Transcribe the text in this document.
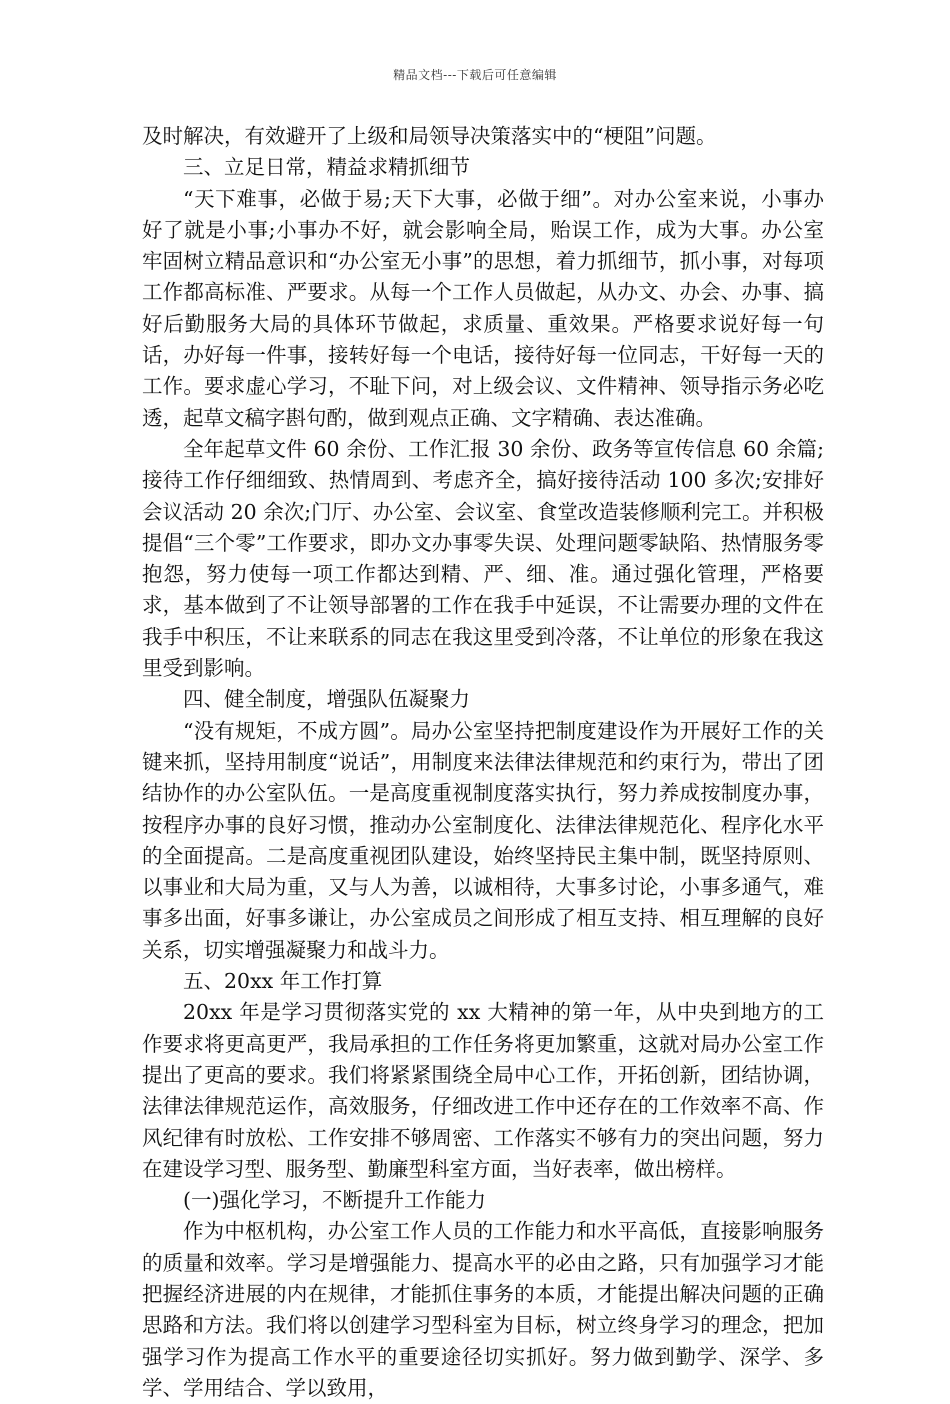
精品文档---下载后可任意编辑

及时解决，有效避开了上级和局领导决策落实中的“梗阻”问题。

三、立足日常，精益求精抓细节

“天下难事，必做于易;天下大事，必做于细”。对办公室来说，小事办好了就是小事;小事办不好，就会影响全局，贻误工作，成为大事。办公室牢固树立精品意识和“办公室无小事”的思想，着力抓细节，抓小事，对每项工作都高标准、严要求。从每一个工作人员做起，从办文、办会、办事、搞好后勤服务大局的具体环节做起，求质量、重效果。严格要求说好每一句话，办好每一件事，接转好每一个电话，接待好每一位同志，干好每一天的工作。要求虚心学习，不耻下问，对上级会议、文件精神、领导指示务必吃透，起草文稿字斟句酌，做到观点正确、文字精确、表达准确。

全年起草文件 60 余份、工作汇报 30 余份、政务等宣传信息 60 余篇;接待工作仔细细致、热情周到、考虑齐全，搞好接待活动 100 多次;安排好会议活动 20 余次;门厅、办公室、会议室、食堂改造装修顺利完工。并积极提倡“三个零”工作要求，即办文办事零失误、处理问题零缺陷、热情服务零抱怨，努力使每一项工作都达到精、严、细、准。通过强化管理，严格要求，基本做到了不让领导部署的工作在我手中延误，不让需要办理的文件在我手中积压，不让来联系的同志在我这里受到冷落，不让单位的形象在我这里受到影响。

四、健全制度，增强队伍凝聚力

“没有规矩，不成方圆”。局办公室坚持把制度建设作为开展好工作的关键来抓，坚持用制度“说话”，用制度来法律法律规范和约束行为，带出了团结协作的办公室队伍。一是高度重视制度落实执行，努力养成按制度办事，按程序办事的良好习惯，推动办公室制度化、法律法律规范化、程序化水平的全面提高。二是高度重视团队建设，始终坚持民主集中制，既坚持原则、以事业和大局为重，又与人为善，以诚相待，大事多讨论，小事多通气，难事多出面，好事多谦让，办公室成员之间形成了相互支持、相互理解的良好关系，切实增强凝聚力和战斗力。

五、20xx 年工作打算

20xx 年是学习贯彻落实党的 xx 大精神的第一年，从中央到地方的工作要求将更高更严，我局承担的工作任务将更加繁重，这就对局办公室工作提出了更高的要求。我们将紧紧围绕全局中心工作，开拓创新，团结协调，法律法律规范运作，高效服务，仔细改进工作中还存在的工作效率不高、作风纪律有时放松、工作安排不够周密、工作落实不够有力的突出问题，努力在建设学习型、服务型、勤廉型科室方面，当好表率，做出榜样。

(一)强化学习，不断提升工作能力

作为中枢机构，办公室工作人员的工作能力和水平高低，直接影响服务的质量和效率。学习是增强能力、提高水平的必由之路，只有加强学习才能把握经济进展的内在规律，才能抓住事务的本质，才能提出解决问题的正确思路和方法。我们将以创建学习型科室为目标，树立终身学习的理念，把加强学习作为提高工作水平的重要途径切实抓好。努力做到勤学、深学、多学、学用结合、学以致用，
